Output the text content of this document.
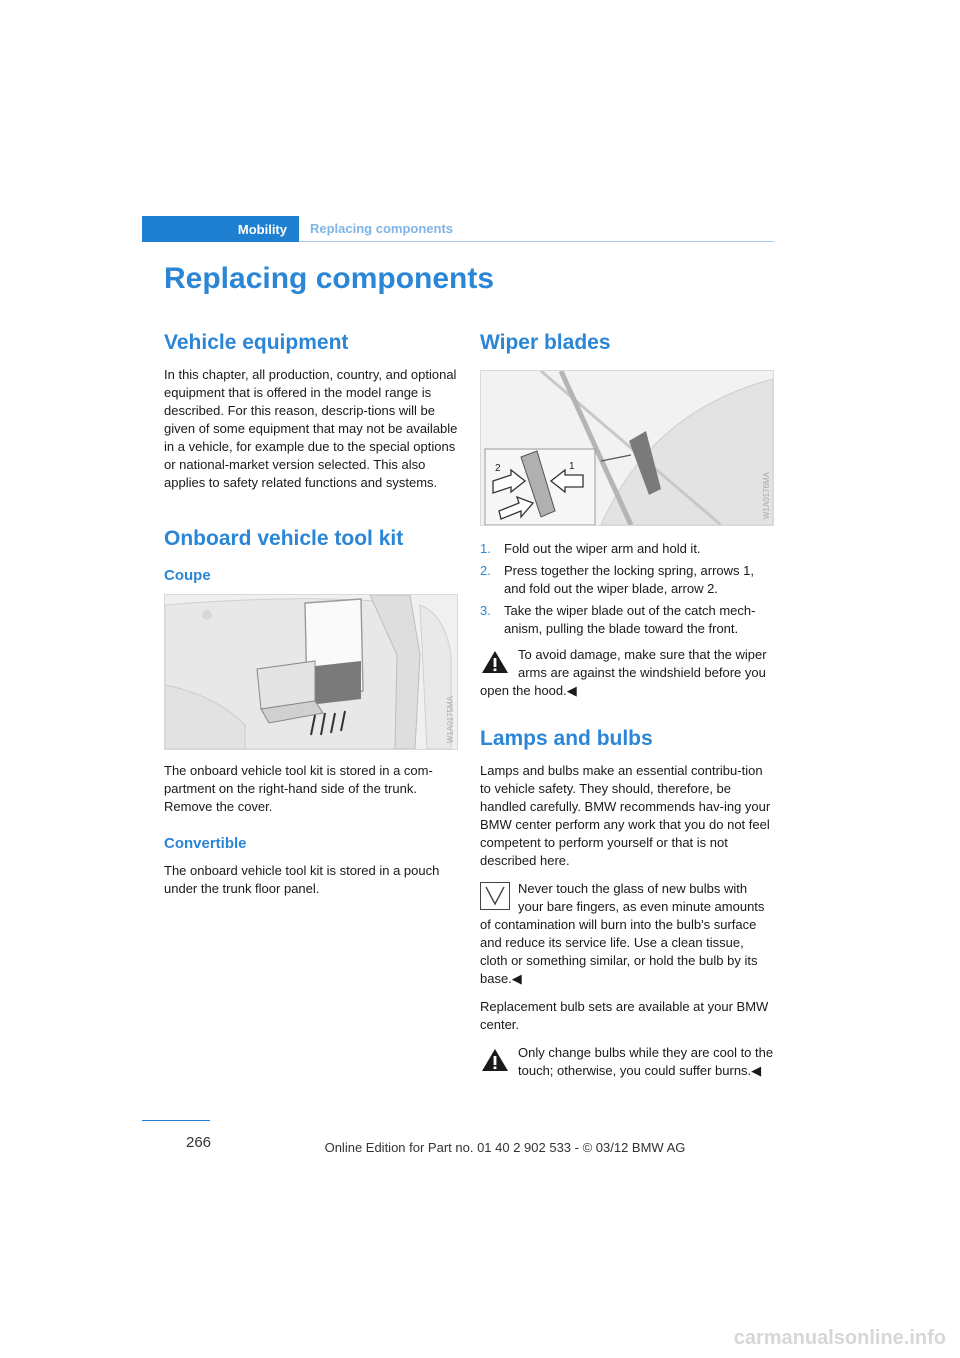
Mobility	Replacing components
Replacing components
Vehicle equipment

In this chapter, all production, country, and optional equipment that is offered in the model range is described. For this reason, descrip-tions will be given of some equipment that may not be available in a vehicle, for example due to the special options or national-market version selected. This also applies to safety related functions and systems.

Onboard vehicle tool kit
Coupe
W1A0175MA

The onboard vehicle tool kit is stored in a com-partment on the right-hand side of the trunk. Remove the cover.

Convertible

The onboard vehicle tool kit is stored in a pouch under the trunk floor panel.

Wiper blades
2	1
W1A0176MA
1. Fold out the wiper arm and hold it.
2. Press together the locking spring, arrows 1, and fold out the wiper blade, arrow 2.
3. Take the wiper blade out of the catch mech-anism, pulling the blade toward the front.
To avoid damage, make sure that the wiper arms are against the windshield before you open the hood.◀
Lamps and bulbs

Lamps and bulbs make an essential contribu-tion to vehicle safety. They should, therefore, be handled carefully. BMW recommends hav-ing your BMW center perform any work that you do not feel competent to perform yourself or that is not described here.

Never touch the glass of new bulbs with your bare fingers, as even minute amounts of contamination will burn into the bulb's surface and reduce its service life. Use a clean tissue, cloth or something similar, or hold the bulb by its base.◀

Replacement bulb sets are available at your BMW center.

Only change bulbs while they are cool to the touch; otherwise, you could suffer burns.◀
266	Online Edition for Part no. 01 40 2 902 533 - © 03/12 BMW AG
carmanualsonline.info
